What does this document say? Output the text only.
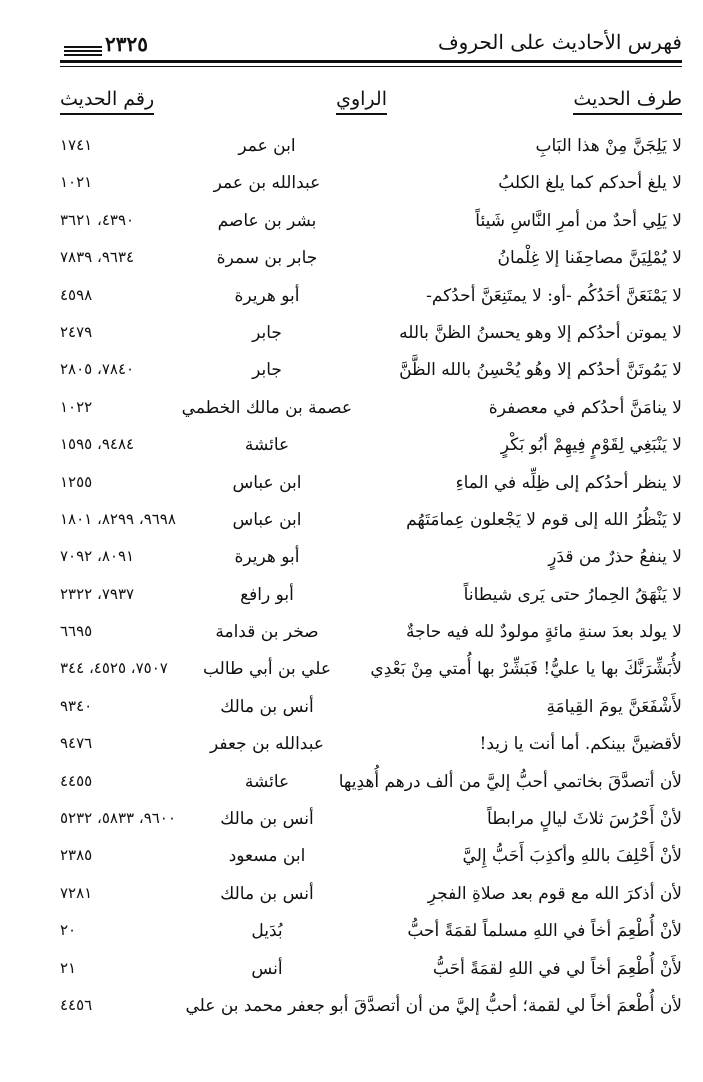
فهرس الأحاديث على الحروف
٢٣٢٥
طرف الحديث
الراوي
رقم الحديث
لا يَلِجَنَّ مِنْ هذا البَابِ
ابن عمر
١٧٤١
لا يلغ أحدكم كما يلغ الكلبُ
عبدالله بن عمر
١٠٢١
لا يَلِي أحدٌ من أمرِ النَّاسِ شَيئاً
بشر بن عاصم
٤٣٩٠، ٣٦٢١
لا يُمْلِيَنَّ مصاحِفَنا إلا غِلْمانُ
جابر بن سمرة
٩٦٣٤، ٧٨٣٩
لا يَمْنَعَنَّ أحَدُكُم -أو: لا يمتَنِعَنَّ أحدُكم-
أبو هريرة
٤٥٩٨
لا يموتن أحدُكم إلا وهو يحسنُ الظنَّ بالله
جابر
٢٤٧٩
لا يَمُوتَنَّ أحدُكم إلا وهُو يُحْسِنُ بالله الظَّنَّ
جابر
٧٨٤٠، ٢٨٠٥
لا ينامَنَّ أحدُكم في معصفرة
عصمة بن مالك الخطمي
١٠٢٢
لا يَنْبَغِي لِقَوْمٍ فِيهِمْ أبُو بَكْرٍ
عائشة
٩٤٨٤، ١٥٩٥
لا ينظر أحدُكم إلى ظِلِّه في الماءِ
ابن عباس
١٢٥٥
لا يَنْظُرُ الله إلى قوم لا يَجْعلون عِمامَتَهُم
ابن عباس
٩٦٩٨، ٨٢٩٩، ١٨٠١
لا ينفعُ حذرٌ من قدَرٍ
أبو هريرة
٨٠٩١، ٧٠٩٢
لا يَنْهَقُ الحِمارُ حتى يَرى شيطاناً
أبو رافع
٧٩٣٧، ٢٣٢٢
لا يولد بعدَ سنةِ مائةٍ مولودٌ لله فيه حاجةٌ
صخر بن قدامة
٦٦٩٥
لأُبَشِّرَنَّكَ بها يا عليُّ! فَبَشِّرْ بها أُمتي مِنْ بَعْدِي
علي بن أبي طالب
٧٥٠٧، ٤٥٢٥، ٣٤٤
لأَشْفَعَنَّ يومَ القِيامَةِ
أنس بن مالك
٩٣٤٠
لأقضينَّ بينكم. أما أنت يا زيد!
عبدالله بن جعفر
٩٤٧٦
لأن أتصدَّقَ بخاتمي أحبُّ إليَّ من ألف درهم أُهدِيها
عائشة
٤٤٥٥
لأنْ أَحْرُسَ ثلاثَ ليالٍ مرابطاً
أنس بن مالك
٩٦٠٠، ٥٨٣٣، ٥٢٣٢
لأنْ أَحْلِفَ باللهِ وأكذِبَ أَحَبُّ إِليَّ
ابن مسعود
٢٣٨٥
لأن أذكرَ الله مع قوم بعد صلاةِ الفجرِ
أنس بن مالك
٧٢٨١
لأنْ أُطْعِمَ أخاً في اللهِ مسلماً لقمَةً أحبُّ
بُدَيل
٢٠
لأَنْ أُطْعِمَ أخاً لي في اللهِ لقمَةً أحَبُّ
أنس
٢١
لأن أُطْعمَ أخاً لي لقمة؛ أحبُّ إليَّ من أن أتصدَّقَ
أبو جعفر محمد بن علي
٤٤٥٦
